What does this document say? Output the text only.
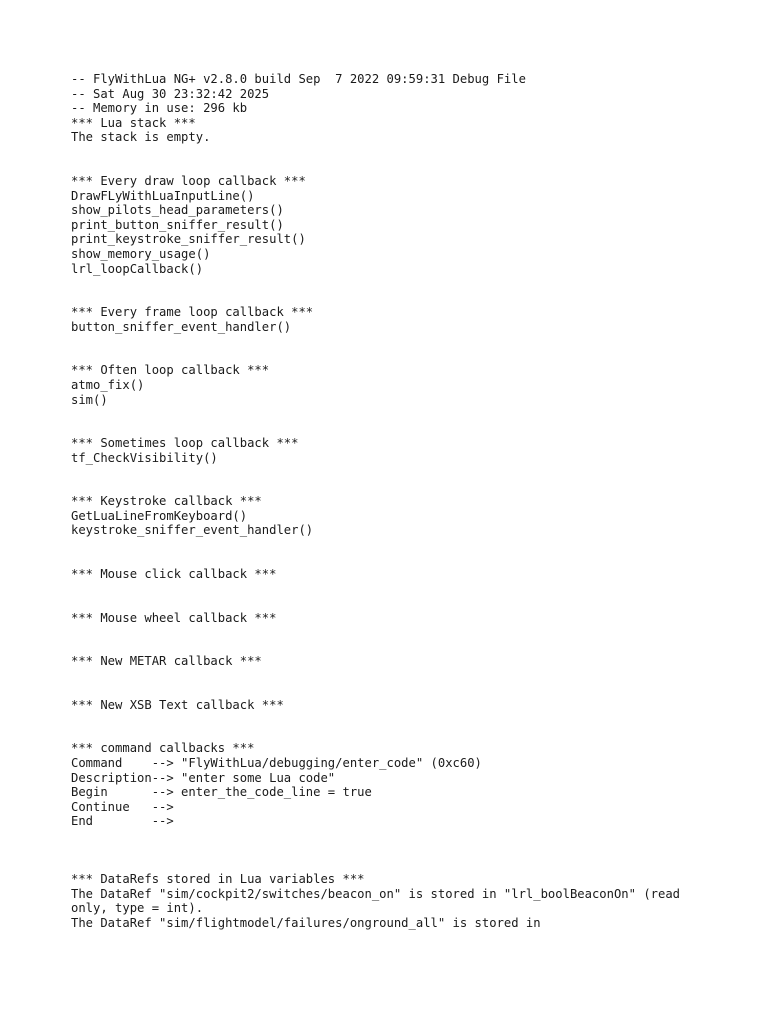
-- FlyWithLua NG+ v2.8.0 build Sep  7 2022 09:59:31 Debug File
-- Sat Aug 30 23:32:42 2025
-- Memory in use: 296 kb
*** Lua stack ***
The stack is empty.
*** Every draw loop callback ***
DrawFLyWithLuaInputLine()
show_pilots_head_parameters()
print_button_sniffer_result()
print_keystroke_sniffer_result()
show_memory_usage()
lrl_loopCallback()
*** Every frame loop callback ***
button_sniffer_event_handler()
*** Often loop callback ***
atmo_fix()
sim()
*** Sometimes loop callback ***
tf_CheckVisibility()
*** Keystroke callback ***
GetLuaLineFromKeyboard()
keystroke_sniffer_event_handler()
*** Mouse click callback ***
*** Mouse wheel callback ***
*** New METAR callback ***
*** New XSB Text callback ***
*** command callbacks ***
Command    --> "FlyWithLua/debugging/enter_code" (0xc60)
Description--> "enter some Lua code"
Begin      --> enter_the_code_line = true
Continue   -->
End        -->
*** DataRefs stored in Lua variables ***
The DataRef "sim/cockpit2/switches/beacon_on" is stored in "lrl_boolBeaconOn" (read only, type = int).
The DataRef "sim/flightmodel/failures/onground_all" is stored in
